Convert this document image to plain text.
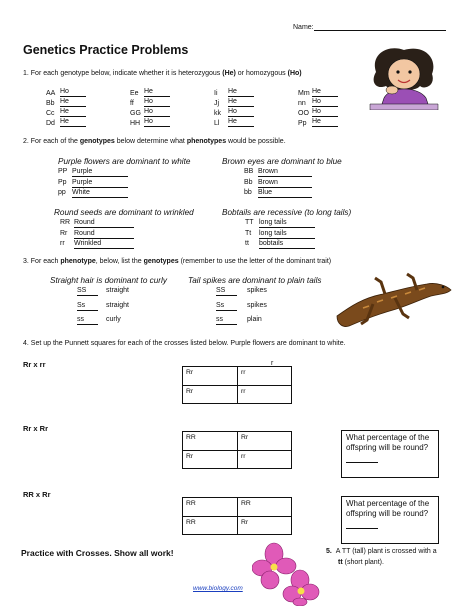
Name:
Genetics Practice Problems
1. For each genotype below, indicate whether it is heterozygous (He) or homozygous (Ho)
AA Ho	Ee He	Ii He	Mm He
Bb He	ff Ho	Jj He	nn Ho
Cc He	GG Ho	kk Ho	OO Ho
Dd He	HH Ho	Ll He	Pp He
2. For each of the genotypes below determine what phenotypes would be possible.
Purple flowers are dominant to white
PP Purple
Pp Purple
pp White
Brown eyes are dominant to blue
BB Brown
Bb Brown
bb Blue
Round seeds are dominant to wrinkled
RR Round
Rr Round
rr Wrinkled
Bobtails are recessive (to long tails)
TT long tails
Tt long tails
tt bobtails
3. For each phenotype, below, list the genotypes (remember to use the letter of the dominant trait)
Straight hair is dominant to curly
SS	straight
Ss	straight
ss	curly
Tail spikes are dominant to plain tails
SS	spikes
Ss	spikes
ss	plain
4. Set up the Punnett squares for each of the crosses listed below. Purple flowers are dominant to white.
Rr x rr	r
Rr	rr
Rr	rr
Rr x Rr
RR	Rr
Rr	rr
What percentage of the offspring will be round?
RR x Rr
RR	RR
RR	Rr
What percentage of the offspring will be round?
Practice with Crosses. Show all work!	5. A TT (tall) plant is crossed with a
tt (short plant).
www.biology.com
